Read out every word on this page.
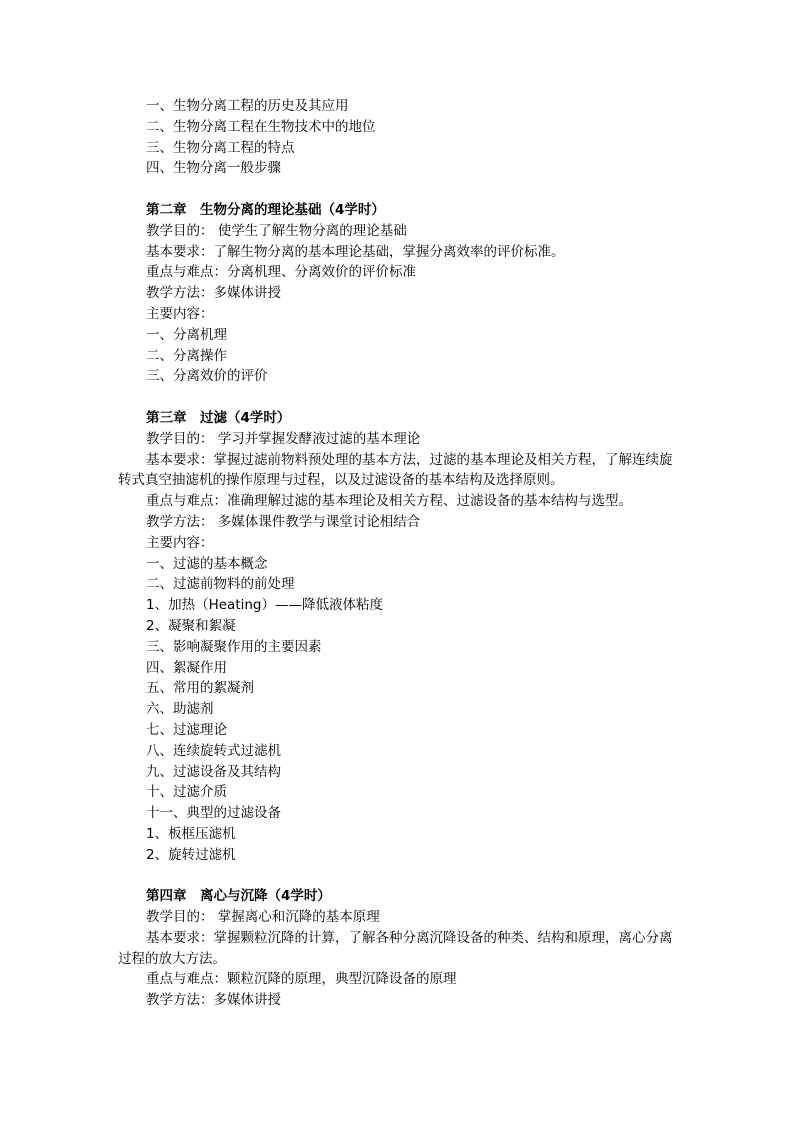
一、生物分离工程的历史及其应用
二、生物分离工程在生物技术中的地位
三、生物分离工程的特点
四、生物分离一般步骤
第二章　生物分离的理论基础（4学时）
教学目的： 使学生了解生物分离的理论基础
基本要求：了解生物分离的基本理论基础，掌握分离效率的评价标准。
重点与难点：分离机理、分离效价的评价标准
教学方法：多媒体讲授
主要内容：
一、分离机理
二、分离操作
三、分离效价的评价
第三章　过滤（4学时）
教学目的： 学习并掌握发酵液过滤的基本理论
基本要求：掌握过滤前物料预处理的基本方法，过滤的基本理论及相关方程，了解连续旋转式真空抽滤机的操作原理与过程，以及过滤设备的基本结构及选择原则。
重点与难点：准确理解过滤的基本理论及相关方程、过滤设备的基本结构与选型。
教学方法： 多媒体课件教学与课堂讨论相结合
主要内容：
一、过滤的基本概念
二、过滤前物料的前处理
1、加热（Heating）——降低液体粘度
2、凝聚和絮凝
三、影响凝聚作用的主要因素
四、絮凝作用
五、常用的絮凝剂
六、助滤剂
七、过滤理论
八、连续旋转式过滤机
九、过滤设备及其结构
十、过滤介质
十一、典型的过滤设备
1、板框压滤机
2、旋转过滤机
第四章　离心与沉降（4学时）
教学目的： 掌握离心和沉降的基本原理
基本要求：掌握颗粒沉降的计算，了解各种分离沉降设备的种类、结构和原理，离心分离过程的放大方法。
重点与难点：颗粒沉降的原理，典型沉降设备的原理
教学方法：多媒体讲授
